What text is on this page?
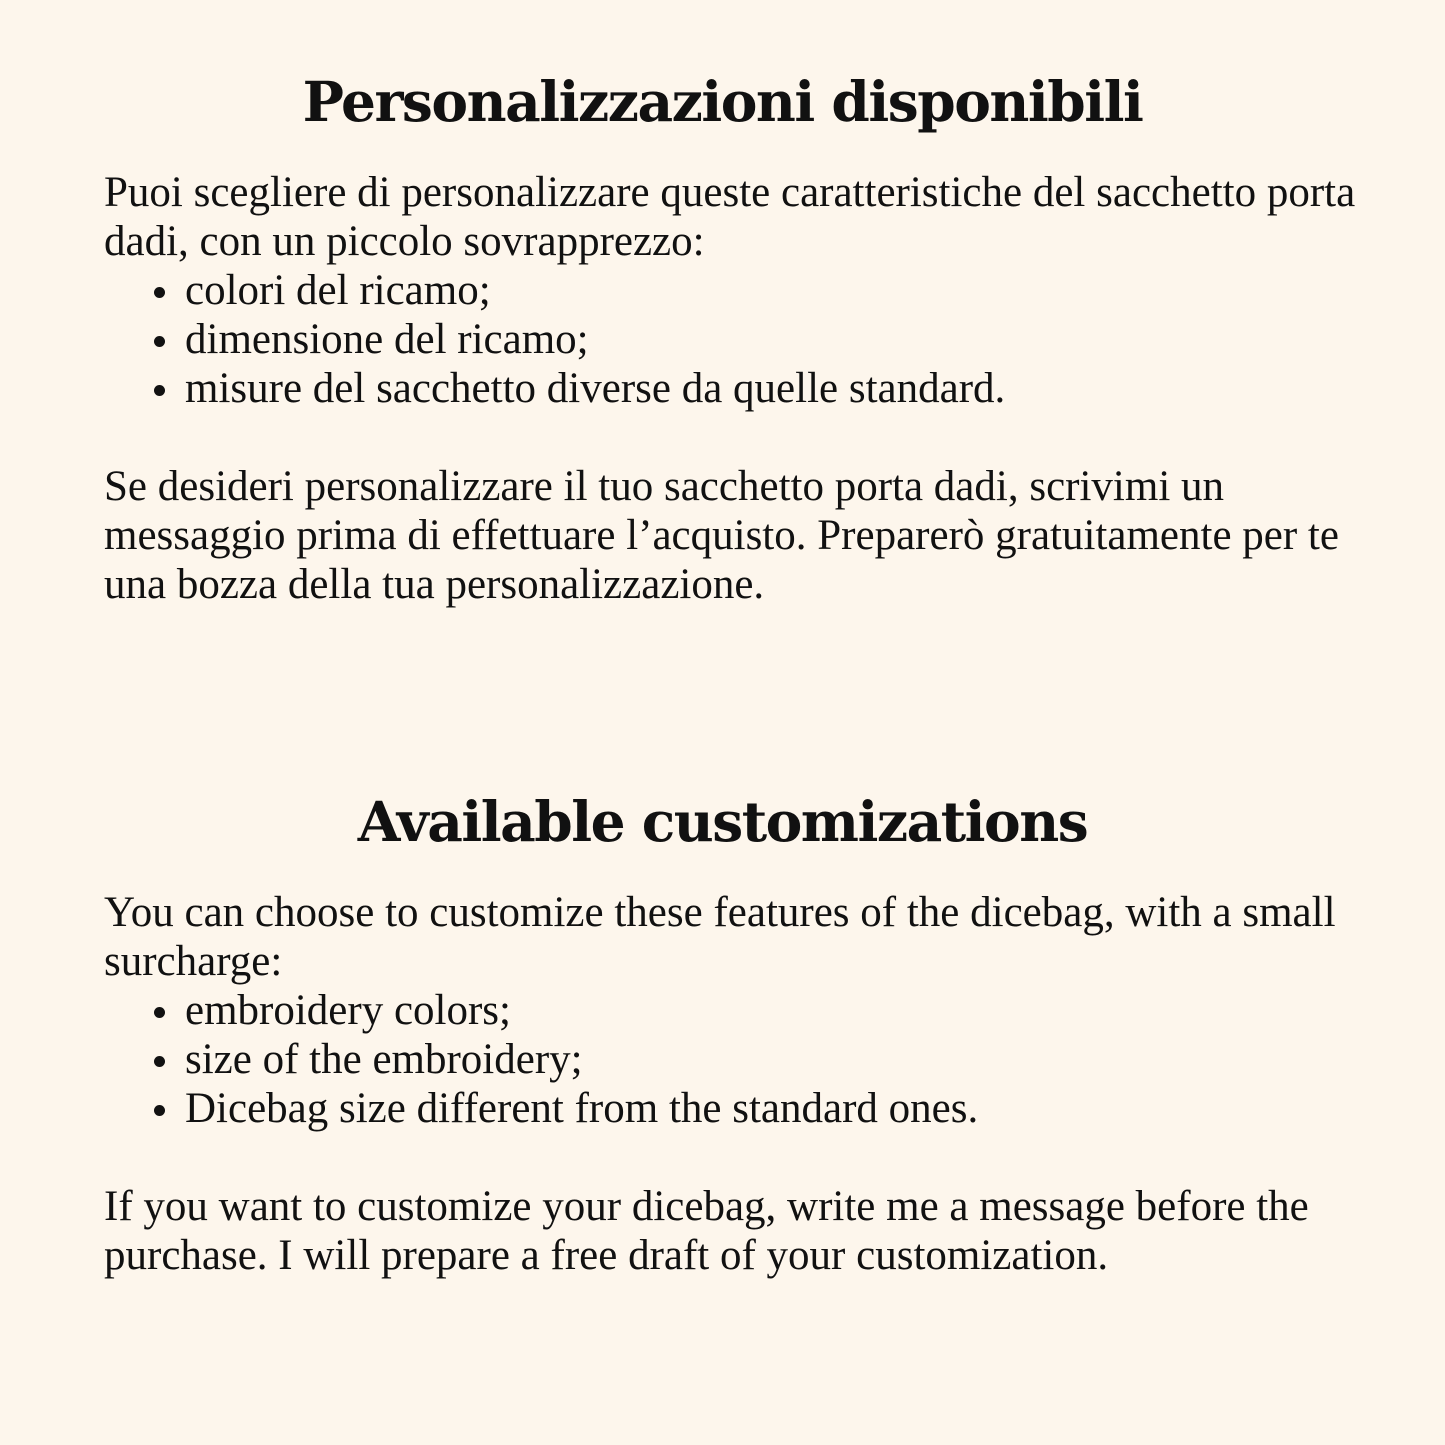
Personalizzazioni disponibili

Puoi scegliere di personalizzare queste caratteristiche del sacchetto porta dadi, con un piccolo sovrapprezzo:

colori del ricamo;
dimensione del ricamo;
misure del sacchetto diverse da quelle standard.

Se desideri personalizzare il tuo sacchetto porta dadi, scrivimi un messaggio prima di effettuare l’acquisto. Preparerò gratuitamente per te una bozza della tua personalizzazione.

Available customizations

You can choose to customize these features of the dicebag, with a small surcharge:

embroidery colors;
size of the embroidery;
Dicebag size different from the standard ones.

If you want to customize your dicebag, write me a message before the purchase. I will prepare a free draft of your customization.
